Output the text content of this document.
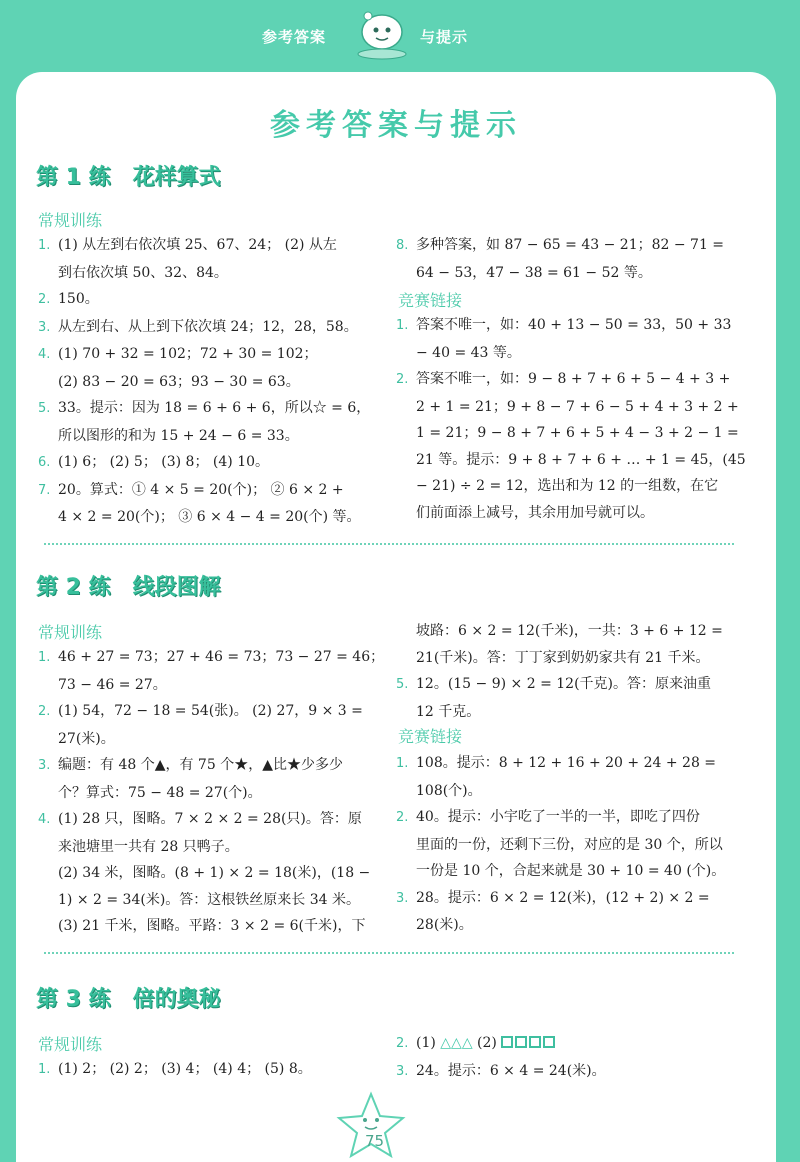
参考答案	与提示
参考答案与提示
第 1 练 花样算式
常规训练
1. (1) 从左到右依次填 25、67、24； (2) 从左
到右依次填 50、32、84。
2. 150。
3. 从左到右、从上到下依次填 24；12，28，58。
4. (1) 70 + 32 = 102；72 + 30 = 102；
(2) 83 − 20 = 63；93 − 30 = 63。
5. 33。提示：因为 18 = 6 + 6 + 6，所以☆ = 6，
所以图形的和为 15 + 24 − 6 = 33。
6. (1) 6； (2) 5； (3) 8； (4) 10。
7. 20。算式：① 4 × 5 = 20(个)； ② 6 × 2 +
4 × 2 = 20(个)； ③ 6 × 4 − 4 = 20(个) 等。
8. 多种答案，如 87 − 65 = 43 − 21；82 − 71 =
64 − 53，47 − 38 = 61 − 52 等。
竞赛链接
1. 答案不唯一，如：40 + 13 − 50 = 33，50 + 33
− 40 = 43 等。
2. 答案不唯一，如：9 − 8 + 7 + 6 + 5 − 4 + 3 +
2 + 1 = 21；9 + 8 − 7 + 6 − 5 + 4 + 3 + 2 +
1 = 21；9 − 8 + 7 + 6 + 5 + 4 − 3 + 2 − 1 =
21 等。提示：9 + 8 + 7 + 6 + … + 1 = 45，(45
− 21) ÷ 2 = 12，选出和为 12 的一组数，在它
们前面添上减号，其余用加号就可以。
第 2 练 线段图解
常规训练
1. 46 + 27 = 73；27 + 46 = 73；73 − 27 = 46；
73 − 46 = 27。
2. (1) 54，72 − 18 = 54(张)。 (2) 27，9 × 3 =
27(米)。
3. 编题：有 48 个▲，有 75 个★，▲比★少多少
个？算式：75 − 48 = 27(个)。
4. (1) 28 只，图略。7 × 2 × 2 = 28(只)。答：原
来池塘里一共有 28 只鸭子。
(2) 34 米，图略。(8 + 1) × 2 = 18(米)，(18 −
1) × 2 = 34(米)。答：这根铁丝原来长 34 米。
(3) 21 千米，图略。平路：3 × 2 = 6(千米)，下
坡路：6 × 2 = 12(千米)，一共：3 + 6 + 12 =
21(千米)。答：丁丁家到奶奶家共有 21 千米。
5. 12。(15 − 9) × 2 = 12(千克)。答：原来油重
12 千克。
竞赛链接
1. 108。提示：8 + 12 + 16 + 20 + 24 + 28 =
108(个)。
2. 40。提示：小宇吃了一半的一半，即吃了四份
里面的一份，还剩下三份，对应的是 30 个，所以
一份是 10 个，合起来就是 30 + 10 = 40 (个)。
3. 28。提示：6 × 2 = 12(米)，(12 + 2) × 2 =
28(米)。
第 3 练 倍的奥秘
常规训练
1. (1) 2； (2) 2； (3) 4； (4) 4； (5) 8。
2. (1) △△△ (2)
3. 24。提示：6 × 4 = 24(米)。
75
